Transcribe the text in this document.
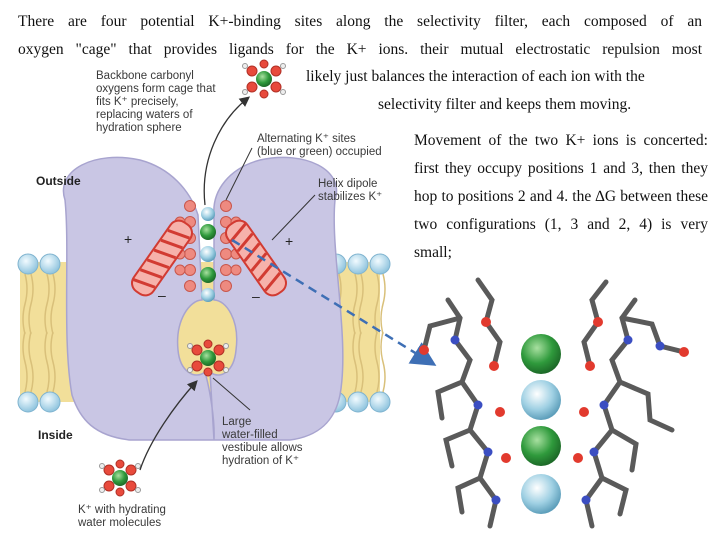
There are four potential K+-binding sites along the selectivity filter, each composed of an
oxygen "cage" that provides ligands for the K+ ions. their mutual electrostatic repulsion most
likely just balances the interaction of each ion with the
selectivity filter and keeps them moving.
Movement of the two K+ ions is concerted: first they occupy positions 1 and 3, then they hop to positions 2 and 4. the ∆G between these two configurations (1, 3 and 2, 4) is very small;
+	+
–	–
Backbone carbonyl
oxygens form cage that
fits K⁺ precisely,
replacing waters of
hydration sphere
Alternating K⁺ sites
(blue or green) occupied
Helix dipole
stabilizes K⁺
Outside
Inside
Large
water-filled
vestibule allows
hydration of K⁺
K⁺ with hydrating
water molecules
